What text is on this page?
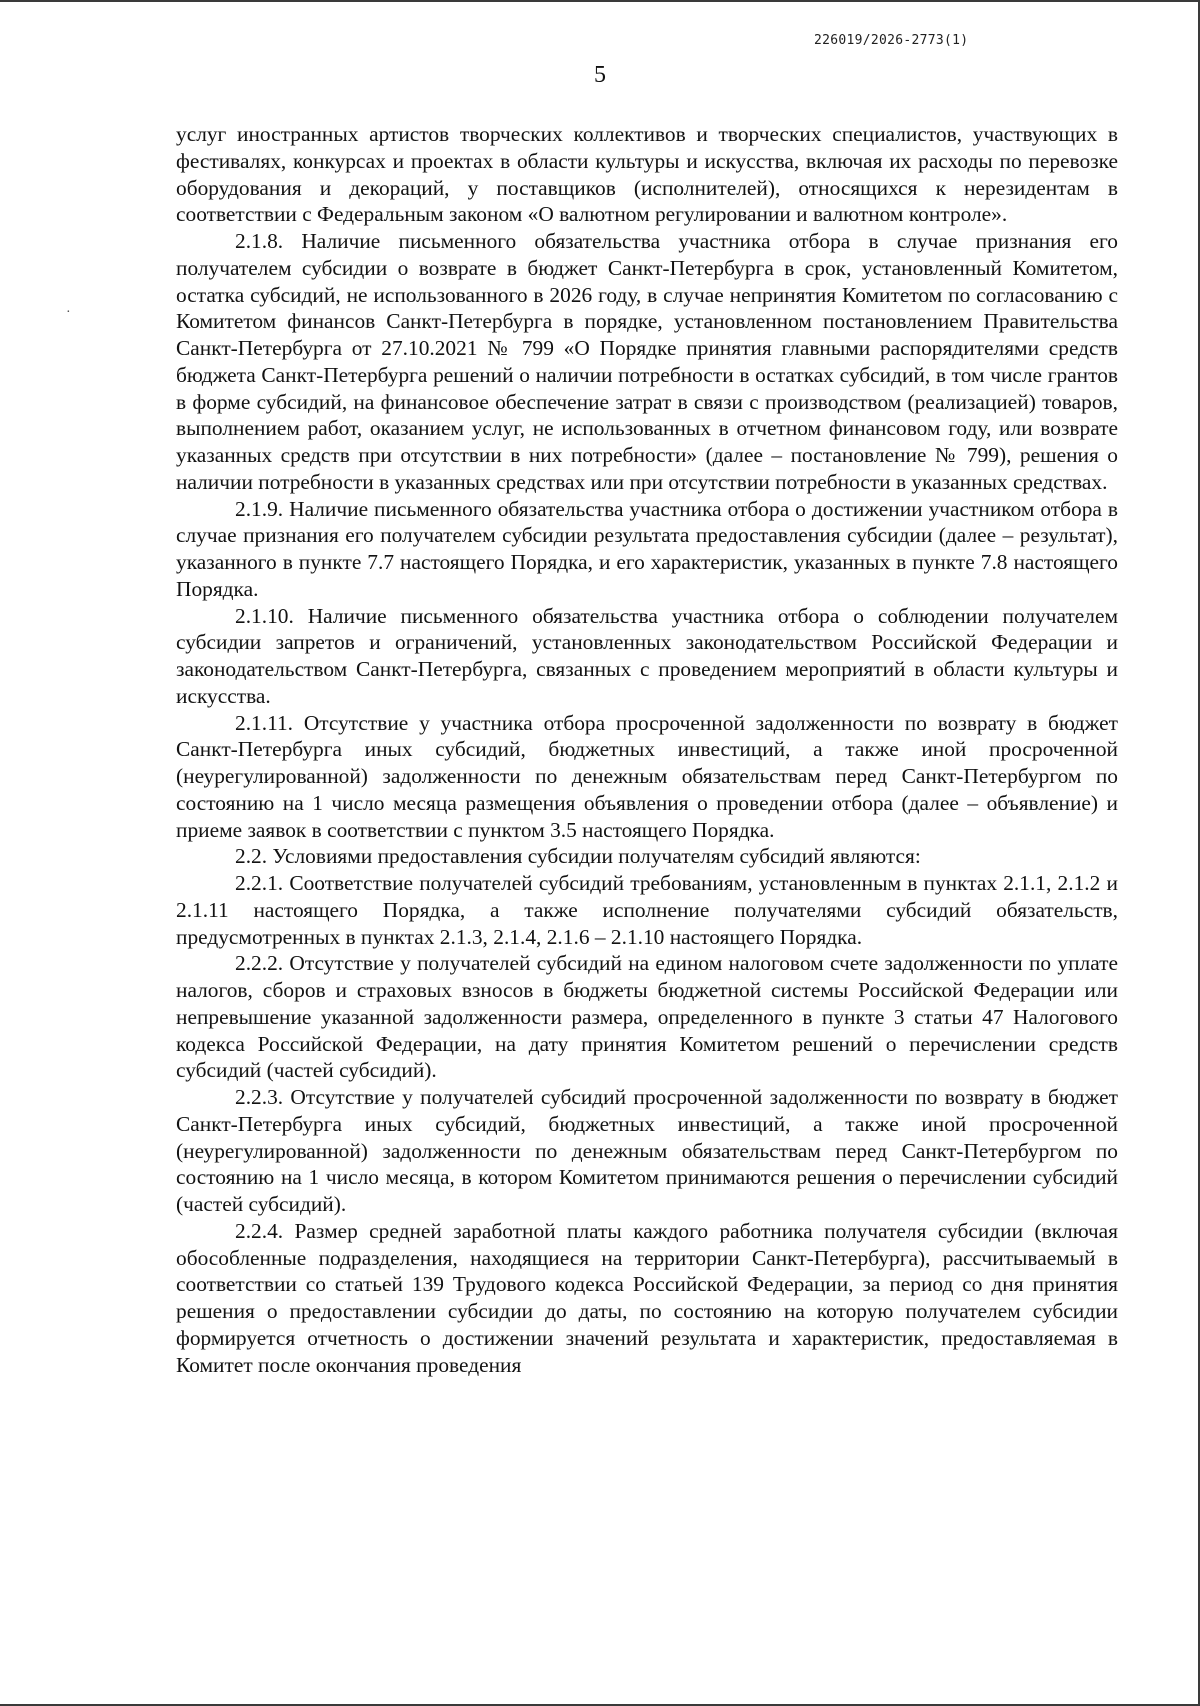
226019/2026-2773(1)
5
·

услуг иностранных артистов творческих коллективов и творческих специалистов, участвующих в фестивалях, конкурсах и проектах в области культуры и искусства, включая их расходы по перевозке оборудования и декораций, у поставщиков (исполнителей), относящихся к нерезидентам в соответствии с Федеральным законом «О валютном регулировании и валютном контроле».

2.1.8. Наличие письменного обязательства участника отбора в случае признания его получателем субсидии о возврате в бюджет Санкт-Петербурга в срок, установленный Комитетом, остатка субсидий, не использованного в 2026 году, в случае непринятия Комитетом по согласованию с Комитетом финансов Санкт-Петербурга в порядке, установленном постановлением Правительства Санкт-Петербурга от 27.10.2021 № 799 «О Порядке принятия главными распорядителями средств бюджета Санкт-Петербурга решений о наличии потребности в остатках субсидий, в том числе грантов в форме субсидий, на финансовое обеспечение затрат в связи с производством (реализацией) товаров, выполнением работ, оказанием услуг, не использованных в отчетном финансовом году, или возврате указанных средств при отсутствии в них потребности» (далее – постановление № 799), решения о наличии потребности в указанных средствах или при отсутствии потребности в указанных средствах.

2.1.9. Наличие письменного обязательства участника отбора о достижении участником отбора в случае признания его получателем субсидии результата предоставления субсидии (далее – результат), указанного в пункте 7.7 настоящего Порядка, и его характеристик, указанных в пункте 7.8 настоящего Порядка.

2.1.10. Наличие письменного обязательства участника отбора о соблюдении получателем субсидии запретов и ограничений, установленных законодательством Российской Федерации и законодательством Санкт-Петербурга, связанных с проведением мероприятий в области культуры и искусства.

2.1.11. Отсутствие у участника отбора просроченной задолженности по возврату в бюджет Санкт-Петербурга иных субсидий, бюджетных инвестиций, а также иной просроченной (неурегулированной) задолженности по денежным обязательствам перед Санкт-Петербургом по состоянию на 1 число месяца размещения объявления о проведении отбора (далее – объявление) и приеме заявок в соответствии с пунктом 3.5 настоящего Порядка.

2.2. Условиями предоставления субсидии получателям субсидий являются:

2.2.1. Соответствие получателей субсидий требованиям, установленным в пунктах 2.1.1, 2.1.2 и 2.1.11 настоящего Порядка, а также исполнение получателями субсидий обязательств, предусмотренных в пунктах 2.1.3, 2.1.4, 2.1.6 – 2.1.10 настоящего Порядка.

2.2.2. Отсутствие у получателей субсидий на едином налоговом счете задолженности по уплате налогов, сборов и страховых взносов в бюджеты бюджетной системы Российской Федерации или непревышение указанной задолженности размера, определенного в пункте 3 статьи 47 Налогового кодекса Российской Федерации, на дату принятия Комитетом решений о перечислении средств субсидий (частей субсидий).

2.2.3. Отсутствие у получателей субсидий просроченной задолженности по возврату в бюджет Санкт-Петербурга иных субсидий, бюджетных инвестиций, а также иной просроченной (неурегулированной) задолженности по денежным обязательствам перед Санкт-Петербургом по состоянию на 1 число месяца, в котором Комитетом принимаются решения о перечислении субсидий (частей субсидий).

2.2.4. Размер средней заработной платы каждого работника получателя субсидии (включая обособленные подразделения, находящиеся на территории Санкт-Петербурга), рассчитываемый в соответствии со статьей 139 Трудового кодекса Российской Федерации, за период со дня принятия решения о предоставлении субсидии до даты, по состоянию на которую получателем субсидии формируется отчетность о достижении значений результата и характеристик, предоставляемая в Комитет после окончания проведения
